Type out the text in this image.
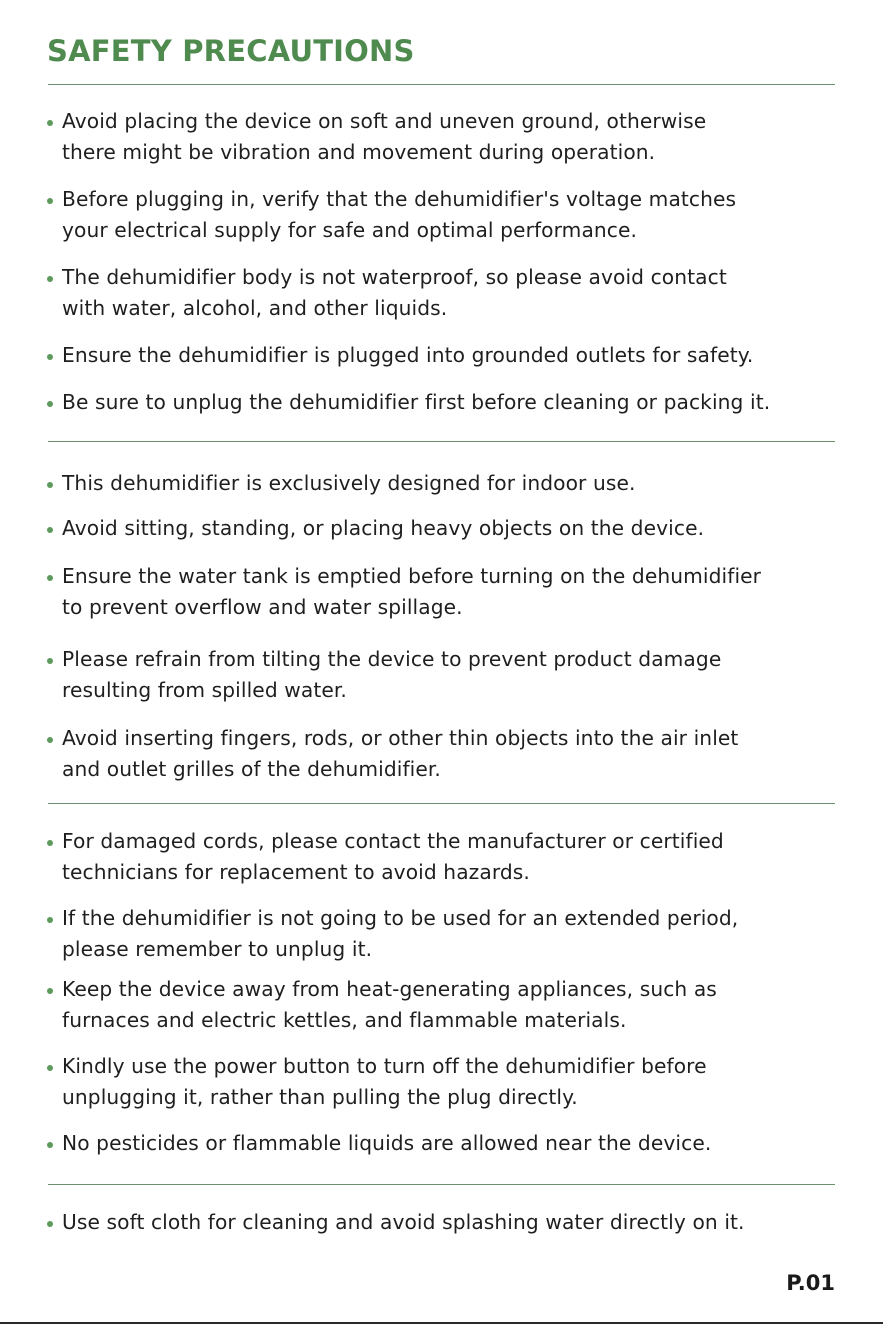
SAFETY PRECAUTIONS
Avoid placing the device on soft and uneven ground, otherwise
there might be vibration and movement during operation.
Before plugging in, verify that the dehumidifier's voltage matches
your electrical supply for safe and optimal performance.
The dehumidifier body is not waterproof, so please avoid contact
with water, alcohol, and other liquids.
Ensure the dehumidifier is plugged into grounded outlets for safety.
Be sure to unplug the dehumidifier first before cleaning or packing it.
This dehumidifier is exclusively designed for indoor use.
Avoid sitting, standing, or placing heavy objects on the device.
Ensure the water tank is emptied before turning on the dehumidifier
to prevent overflow and water spillage.
Please refrain from tilting the device to prevent product damage
resulting from spilled water.
Avoid inserting fingers, rods, or other thin objects into the air inlet
and outlet grilles of the dehumidifier.
For damaged cords, please contact the manufacturer or certified
technicians for replacement to avoid hazards.
If the dehumidifier is not going to be used for an extended period,
please remember to unplug it.
Keep the device away from heat-generating appliances, such as
furnaces and electric kettles, and flammable materials.
Kindly use the power button to turn off the dehumidifier before
unplugging it, rather than pulling the plug directly.
No pesticides or flammable liquids are allowed near the device.
Use soft cloth for cleaning and avoid splashing water directly on it.
P.01
